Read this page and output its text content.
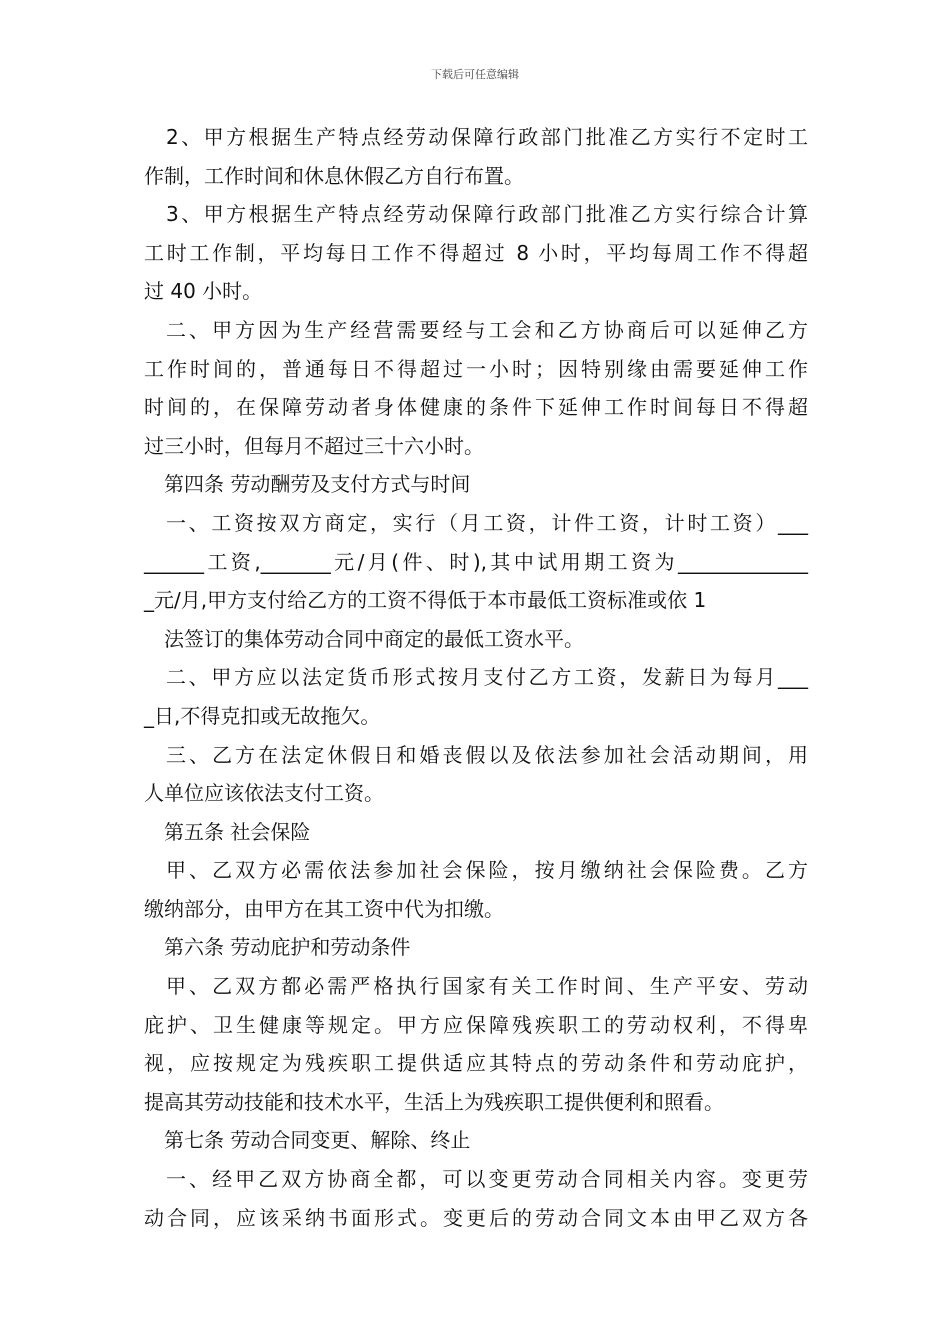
下载后可任意编辑
2、甲方根据生产特点经劳动保障行政部门批准乙方实行不定时工
作制，工作时间和休息休假乙方自行布置。
3、甲方根据生产特点经劳动保障行政部门批准乙方实行综合计算
工时工作制，平均每日工作不得超过 8 小时，平均每周工作不得超
过 40 小时。
二、甲方因为生产经营需要经与工会和乙方协商后可以延伸乙方
工作时间的，普通每日不得超过一小时；因特别缘由需要延伸工作
时间的，在保障劳动者身体健康的条件下延伸工作时间每日不得超
过三小时，但每月不超过三十六小时。
第四条 劳动酬劳及支付方式与时间
一、工资按双方商定，实行（月工资，计件工资，计时工资）___
______工资,_______元/月(件、时),其中试用期工资为_____________
_元/月,甲方支付给乙方的工资不得低于本市最低工资标准或依 1
法签订的集体劳动合同中商定的最低工资水平。
二、甲方应以法定货币形式按月支付乙方工资，发薪日为每月___
_日,不得克扣或无故拖欠。
三、乙方在法定休假日和婚丧假以及依法参加社会活动期间，用
人单位应该依法支付工资。
第五条 社会保险
甲、乙双方必需依法参加社会保险，按月缴纳社会保险费。乙方
缴纳部分，由甲方在其工资中代为扣缴。
第六条 劳动庇护和劳动条件
甲、乙双方都必需严格执行国家有关工作时间、生产平安、劳动
庇护、卫生健康等规定。甲方应保障残疾职工的劳动权利，不得卑
视，应按规定为残疾职工提供适应其特点的劳动条件和劳动庇护，
提高其劳动技能和技术水平，生活上为残疾职工提供便利和照看。
第七条 劳动合同变更、解除、终止
一、经甲乙双方协商全都，可以变更劳动合同相关内容。变更劳
动合同，应该采纳书面形式。变更后的劳动合同文本由甲乙双方各
